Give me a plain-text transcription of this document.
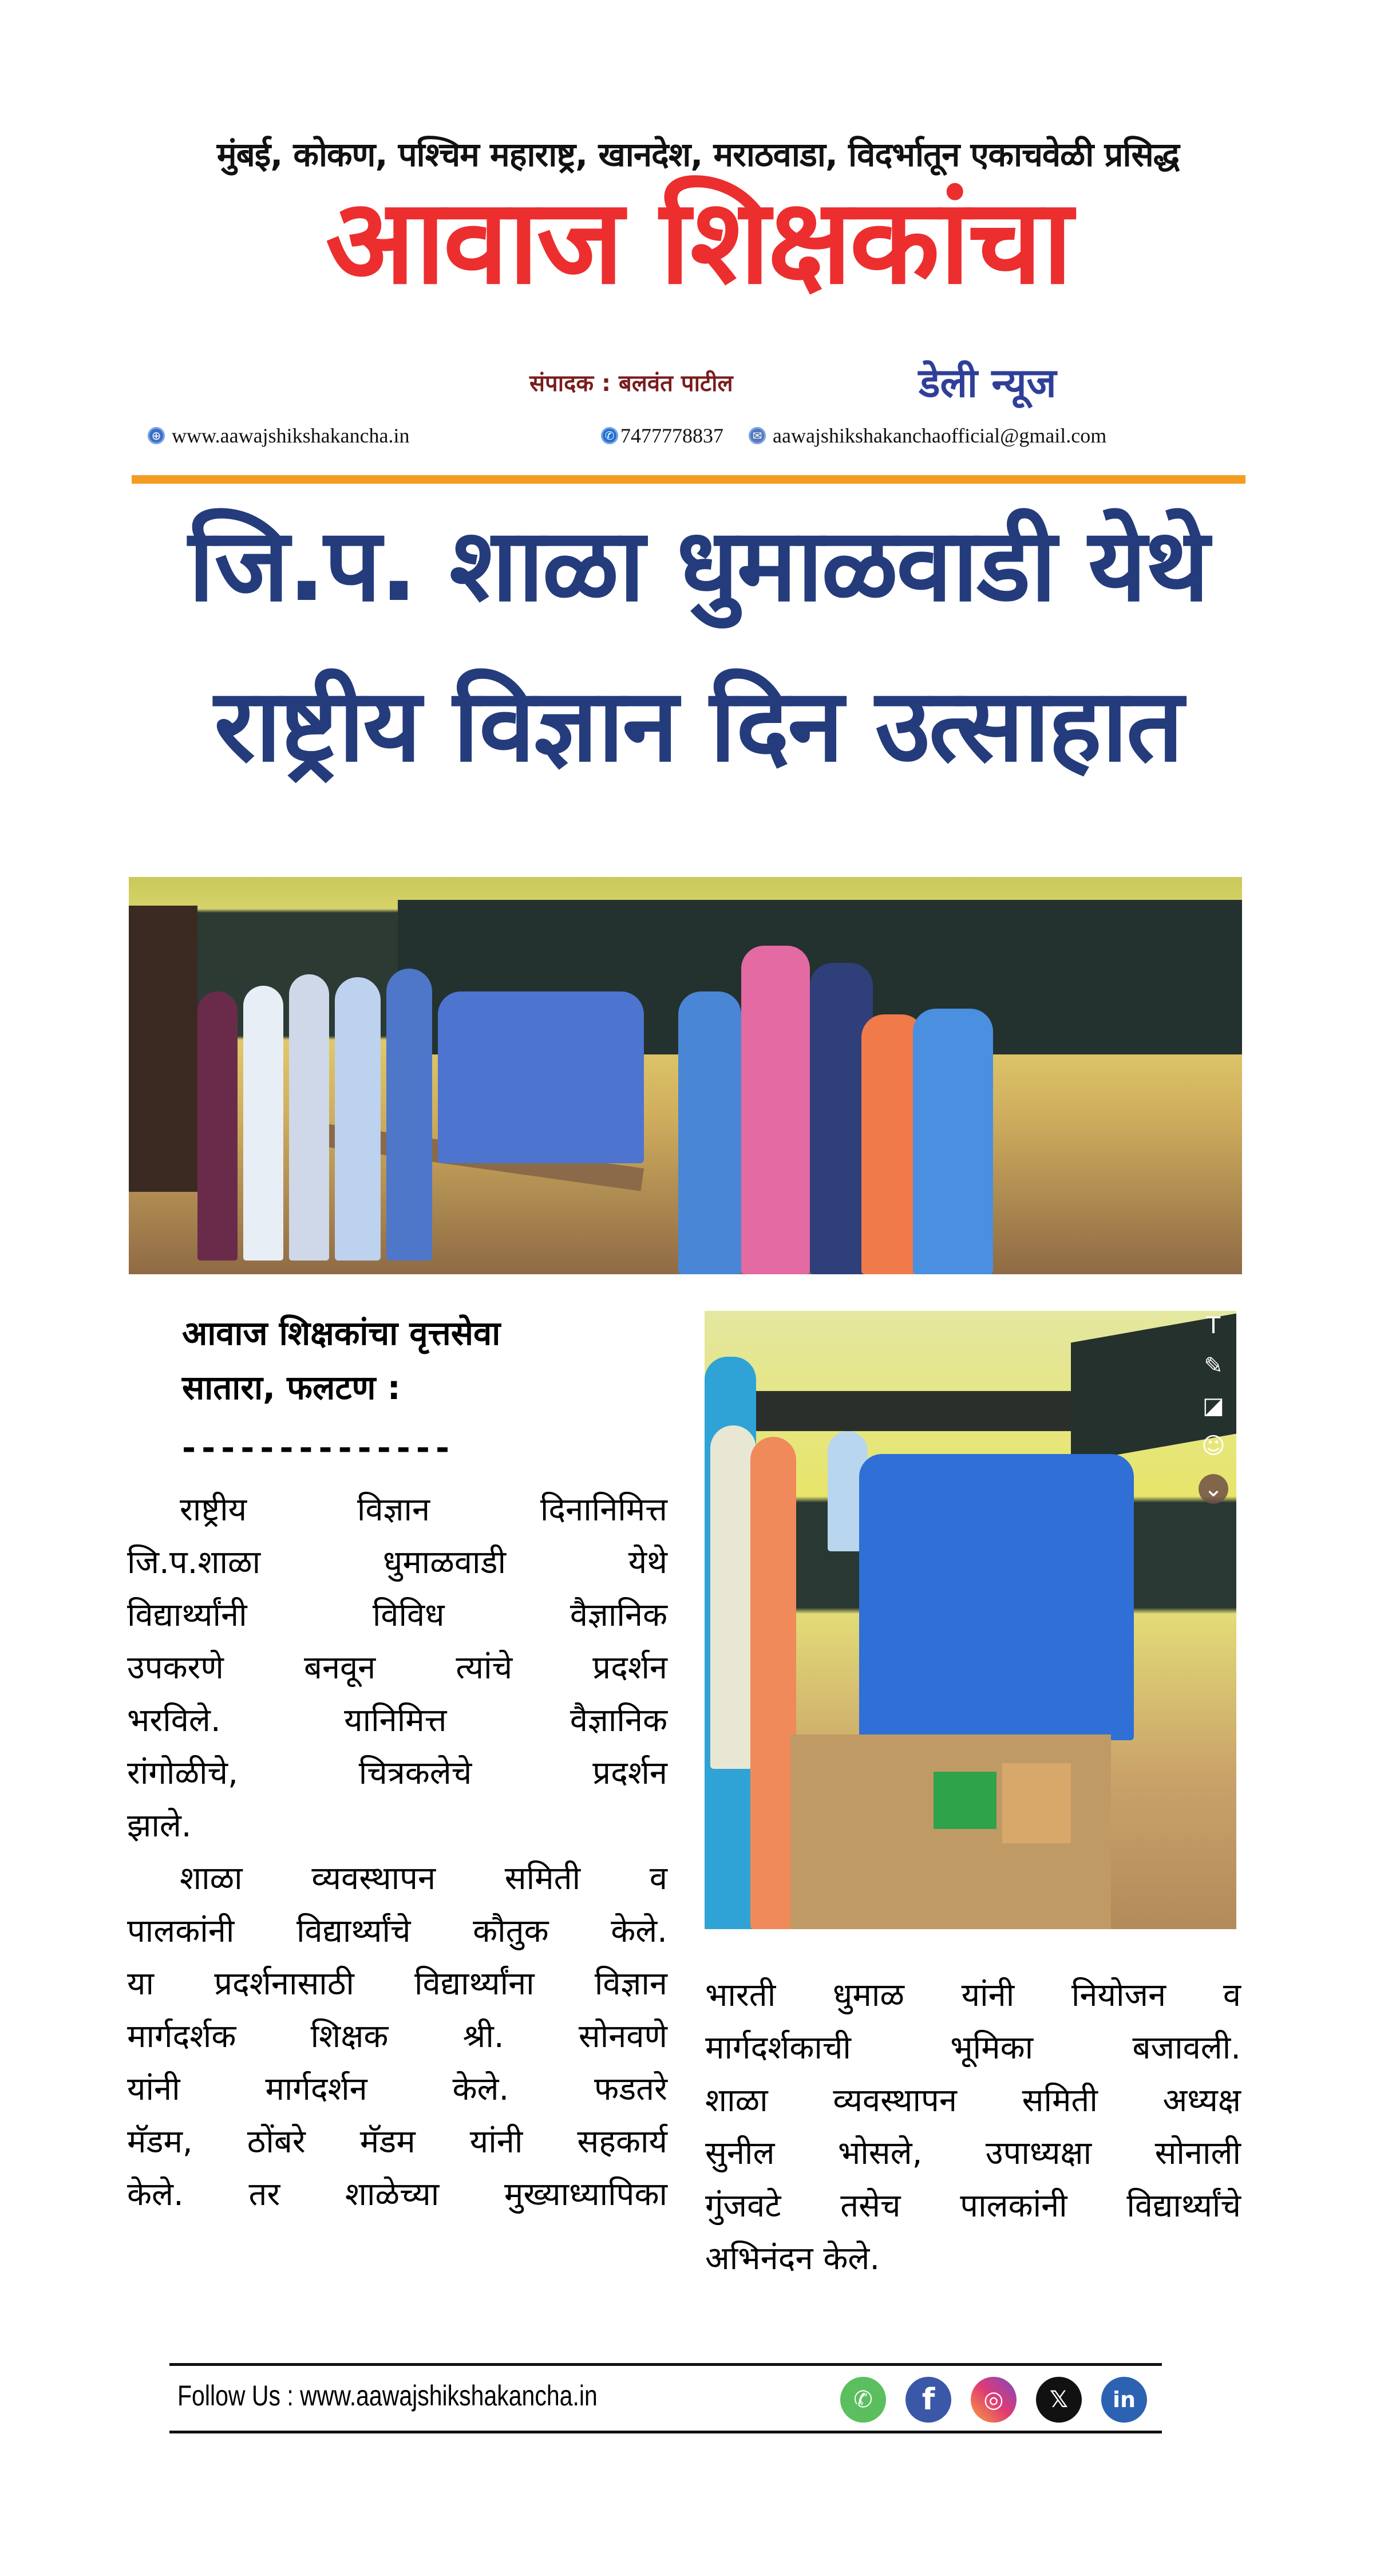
मुंबई, कोकण, पश्चिम महाराष्ट्र, खानदेश, मराठवाडा, विदर्भातून एकाचवेळी प्रसिद्ध
आवाज शिक्षकांचा
संपादक : बलवंत पाटील	डेली न्यूज
⊕ www.aawajshikshakancha.in	✆ 7477778837	✉ aawajshikshakanchaofficial@gmail.com
जि.प. शाळा धुमाळवाडी येथे
राष्ट्रीय विज्ञान दिन उत्साहात
आवाज शिक्षकांचा वृत्तसेवा
सातारा, फलटण :
--------------
T
✎
◪
☺
⌄
राष्ट्रीय विज्ञान दिनानिमित्त
जि.प.शाळा धुमाळवाडी येथे
विद्यार्थ्यांनी विविध वैज्ञानिक
उपकरणे बनवून त्यांचे प्रदर्शन
भरविले. यानिमित्त वैज्ञानिक
रांगोळीचे, चित्रकलेचे प्रदर्शन
झाले.
शाळा व्यवस्थापन समिती व
पालकांनी विद्यार्थ्यांचे कौतुक केले.
या प्रदर्शनासाठी विद्यार्थ्यांना विज्ञान
मार्गदर्शक शिक्षक श्री. सोनवणे
यांनी मार्गदर्शन केले. फडतरे
मॅडम, ठोंबरे मॅडम यांनी सहकार्य
केले. तर शाळेच्या मुख्याध्यापिका
भारती धुमाळ यांनी नियोजन व
मार्गदर्शकाची भूमिका बजावली.
शाळा व्यवस्थापन समिती अध्यक्ष
सुनील भोसले, उपाध्यक्षा सोनाली
गुंजवटे तसेच पालकांनी विद्यार्थ्यांचे
अभिनंदन केले.
Follow Us : www.aawajshikshakancha.in	✆	f	◎	𝕏	in
